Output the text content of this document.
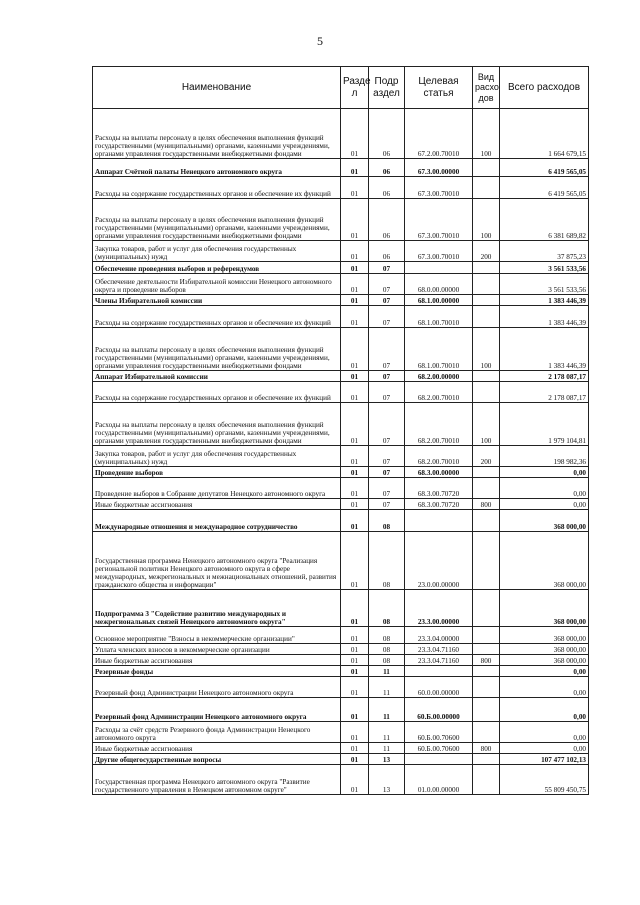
5
Наименование	Разде л	Подр аздел	Целевая статья	Вид расхо дов	Всего расходов
Расходы на выплаты персоналу в целях обеспечения выполнения функций государственными (муниципальными) органами, казенными учреждениями, органами управления государственными внебюджетными фондами	01	06	67.2.00.70010	100	1 664 679,15
Аппарат Счётной палаты Ненецкого автономного округа	01	06	67.3.00.00000		6 419 565,05
Расходы на содержание государственных органов и обеспечение их функций	01	06	67.3.00.70010		6 419 565,05
Расходы на выплаты персоналу в целях обеспечения выполнения функций государственными (муниципальными) органами, казенными учреждениями, органами управления государственными внебюджетными фондами	01	06	67.3.00.70010	100	6 381 689,82
Закупка товаров, работ и услуг для обеспечения государственных (муниципальных) нужд	01	06	67.3.00.70010	200	37 875,23
Обеспечение проведения выборов и референдумов	01	07			3 561 533,56
Обеспечение деятельности Избирательной комиссии Ненецкого автономного округа и проведение выборов	01	07	68.0.00.00000		3 561 533,56
Члены Избирательной комиссии	01	07	68.1.00.00000		1 383 446,39
Расходы на содержание государственных органов и обеспечение их функций	01	07	68.1.00.70010		1 383 446,39
Расходы на выплаты персоналу в целях обеспечения выполнения функций государственными (муниципальными) органами, казенными учреждениями, органами управления государственными внебюджетными фондами	01	07	68.1.00.70010	100	1 383 446,39
Аппарат Избирательной комиссии	01	07	68.2.00.00000		2 178 087,17
Расходы на содержание государственных органов и обеспечение их функций	01	07	68.2.00.70010		2 178 087,17
Расходы на выплаты персоналу в целях обеспечения выполнения функций государственными (муниципальными) органами, казенными учреждениями, органами управления государственными внебюджетными фондами	01	07	68.2.00.70010	100	1 979 104,81
Закупка товаров, работ и услуг для обеспечения государственных (муниципальных) нужд	01	07	68.2.00.70010	200	198 982,36
Проведение выборов	01	07	68.3.00.00000		0,00
Проведение выборов в Собрание депутатов Ненецкого автономного округа	01	07	68.3.00.70720		0,00
Иные бюджетные ассигнования	01	07	68.3.00.70720	800	0,00
Международные отношения и международное сотрудничество	01	08			368 000,00
Государственная программа Ненецкого автономного округа "Реализация региональной политики Ненецкого автономного округа в сфере международных, межрегиональных и межнациональных отношений, развития гражданского общества и информации"	01	08	23.0.00.00000		368 000,00
Подпрограмма 3 "Содействие развитию международных и межрегиональных связей Ненецкого автономного округа"	01	08	23.3.00.00000		368 000,00
Основное мероприятие "Взносы в некоммерческие организации"	01	08	23.3.04.00000		368 000,00
Уплата членских взносов в некоммерческие организации	01	08	23.3.04.71160		368 000,00
Иные бюджетные ассигнования	01	08	23.3.04.71160	800	368 000,00
Резервные фонды	01	11			0,00
Резервный фонд Администрации Ненецкого автономного округа	01	11	60.0.00.00000		0,00
Резервный фонд Администрации Ненецкого автономного округа	01	11	60.Б.00.00000		0,00
Расходы за счёт средств Резервного фонда Администрации Ненецкого автономного округа	01	11	60.Б.00.70600		0,00
Иные бюджетные ассигнования	01	11	60.Б.00.70600	800	0,00
Другие общегосударственные вопросы	01	13			107 477 102,13
Государственная программа Ненецкого автономного округа "Развитие государственного управления в Ненецком автономном округе"	01	13	01.0.00.00000		55 809 450,75
